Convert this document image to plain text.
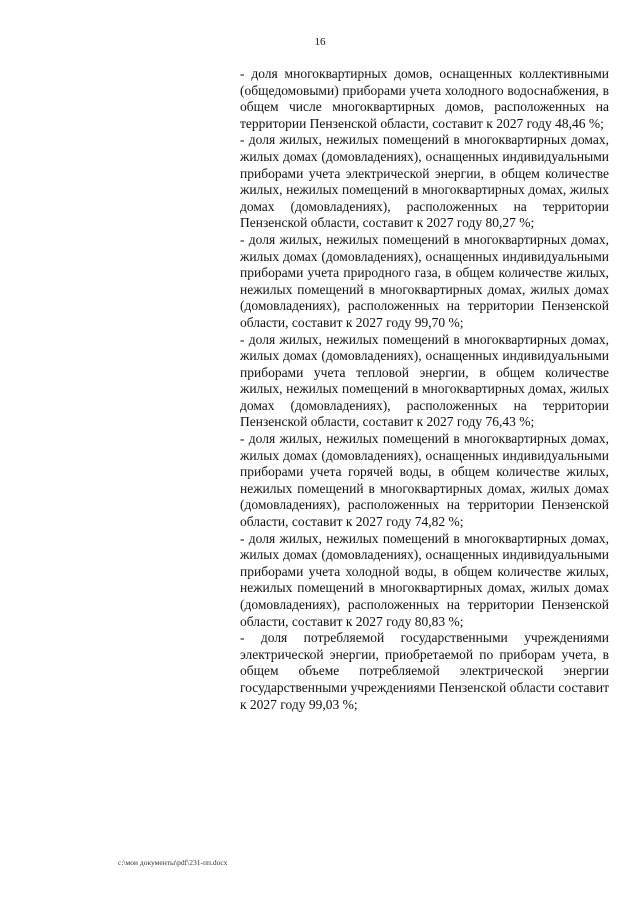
16

- доля многоквартирных домов, оснащенных коллективными (общедомовыми) приборами учета холодного водоснабжения, в общем числе многоквартирных домов, расположенных на территории Пензенской области, составит к 2027 году 48,46 %;

- доля жилых, нежилых помещений в многоквартирных домах, жилых домах (домовладениях), оснащенных индивидуальными приборами учета электрической энергии, в общем количестве жилых, нежилых помещений в многоквартирных домах, жилых домах (домовладениях), расположенных на территории Пензенской области, составит к 2027 году 80,27 %;

- доля жилых, нежилых помещений в многоквартирных домах, жилых домах (домовладениях), оснащенных индивидуальными приборами учета природного газа, в общем количестве жилых, нежилых помещений в многоквартирных домах, жилых домах (домовладениях), расположенных на территории Пензенской области, составит к 2027 году 99,70 %;

- доля жилых, нежилых помещений в многоквартирных домах, жилых домах (домовладениях), оснащенных индивидуальными приборами учета тепловой энергии, в общем количестве жилых, нежилых помещений в многоквартирных домах, жилых домах (домовладениях), расположенных на территории Пензенской области, составит к 2027 году 76,43 %;

- доля жилых, нежилых помещений в многоквартирных домах, жилых домах (домовладениях), оснащенных индивидуальными приборами учета горячей воды, в общем количестве жилых, нежилых помещений в многоквартирных домах, жилых домах (домовладениях), расположенных на территории Пензенской области, составит к 2027 году 74,82 %;

- доля жилых, нежилых помещений в многоквартирных домах, жилых домах (домовладениях), оснащенных индивидуальными приборами учета холодной воды, в общем количестве жилых, нежилых помещений в многоквартирных домах, жилых домах (домовладениях), расположенных на территории Пензенской области, составит к 2027 году 80,83 %;

- доля потребляемой государственными учреждениями электрической энергии, приобретаемой по приборам учета, в общем объеме потребляемой электрической энергии государственными учреждениями Пензенской области составит к 2027 году 99,03 %;

c:\мои документы\pdf\231-пп.docx
